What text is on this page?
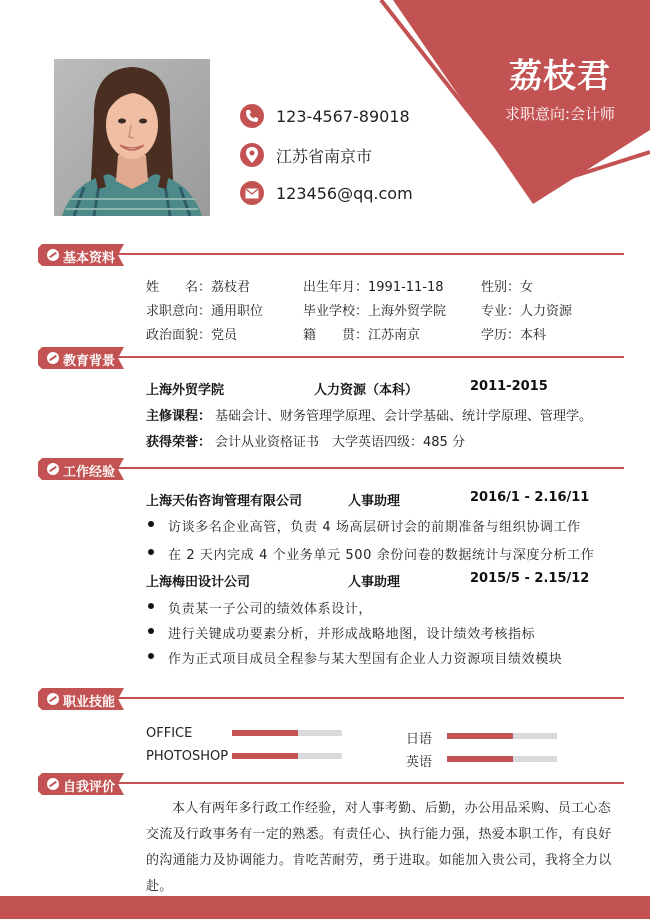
荔枝君
求职意向:会计师
123-4567-89018
江苏省南京市
123456@qq.com
基本资料
姓　　名：荔枝君	出生年月：1991-11-18	性别：女
求职意向：通用职位	毕业学校：上海外贸学院	专业：人力资源
政治面貌：党员	籍　　贯：江苏南京	学历：本科
教育背景
上海外贸学院	人力资源（本科）	2011-2015
主修课程： 基础会计、财务管理学原理、会计学基础、统计学原理、管理学。
获得荣誉： 会计从业资格证书　大学英语四级：485 分
工作经验
上海天佑咨询管理有限公司	人事助理	2016/1 - 2.16/11
访谈多名企业高管，负责 4 场高层研讨会的前期准备与组织协调工作
在 2 天内完成 4 个业务单元 500 余份问卷的数据统计与深度分析工作
上海梅田设计公司	人事助理	2015/5 - 2.15/12
负责某一子公司的绩效体系设计，
进行关键成功要素分析，并形成战略地图，设计绩效考核指标
作为正式项目成员全程参与某大型国有企业人力资源项目绩效模块
职业技能
OFFICE
PHOTOSHOP
日语
英语
自我评价
本人有两年多行政工作经验，对人事考勤、后勤，办公用品采购、员工心态交流及行政事务有一定的熟悉。有责任心、执行能力强，热爱本职工作，有良好的沟通能力及协调能力。肯吃苦耐劳，勇于进取。如能加入贵公司，我将全力以赴。
